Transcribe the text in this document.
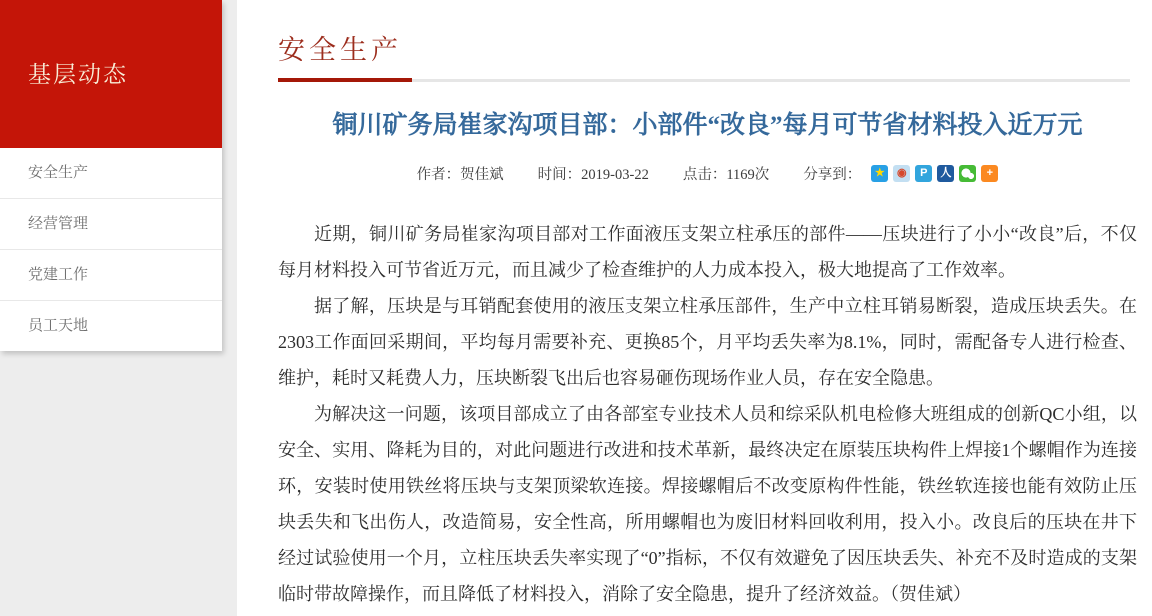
基层动态
安全生产
经营管理
党建工作
员工天地
安全生产
铜川矿务局崔家沟项目部：小部件“改良”每月可节省材料投入近万元
作者：贺佳斌 时间：2019-03-22 点击：1169次 分享到：	★	◉	P	人	+

近期，铜川矿务局崔家沟项目部对工作面液压支架立柱承压的部件——压块进行了小小“改良”后，不仅每月材料投入可节省近万元，而且减少了检查维护的人力成本投入，极大地提高了工作效率。

据了解，压块是与耳销配套使用的液压支架立柱承压部件，生产中立柱耳销易断裂，造成压块丢失。在2303工作面回采期间，平均每月需要补充、更换85个，月平均丢失率为8.1%，同时，需配备专人进行检查、维护，耗时又耗费人力，压块断裂飞出后也容易砸伤现场作业人员，存在安全隐患。

为解决这一问题，该项目部成立了由各部室专业技术人员和综采队机电检修大班组成的创新QC小组，以安全、实用、降耗为目的，对此问题进行改进和技术革新，最终决定在原装压块构件上焊接1个螺帽作为连接环，安装时使用铁丝将压块与支架顶梁软连接。焊接螺帽后不改变原构件性能，铁丝软连接也能有效防止压块丢失和飞出伤人，改造简易，安全性高，所用螺帽也为废旧材料回收利用，投入小。改良后的压块在井下经过试验使用一个月，立柱压块丢失率实现了“0”指标，不仅有效避免了因压块丢失、补充不及时造成的支架临时带故障操作，而且降低了材料投入，消除了安全隐患，提升了经济效益。（贺佳斌）
